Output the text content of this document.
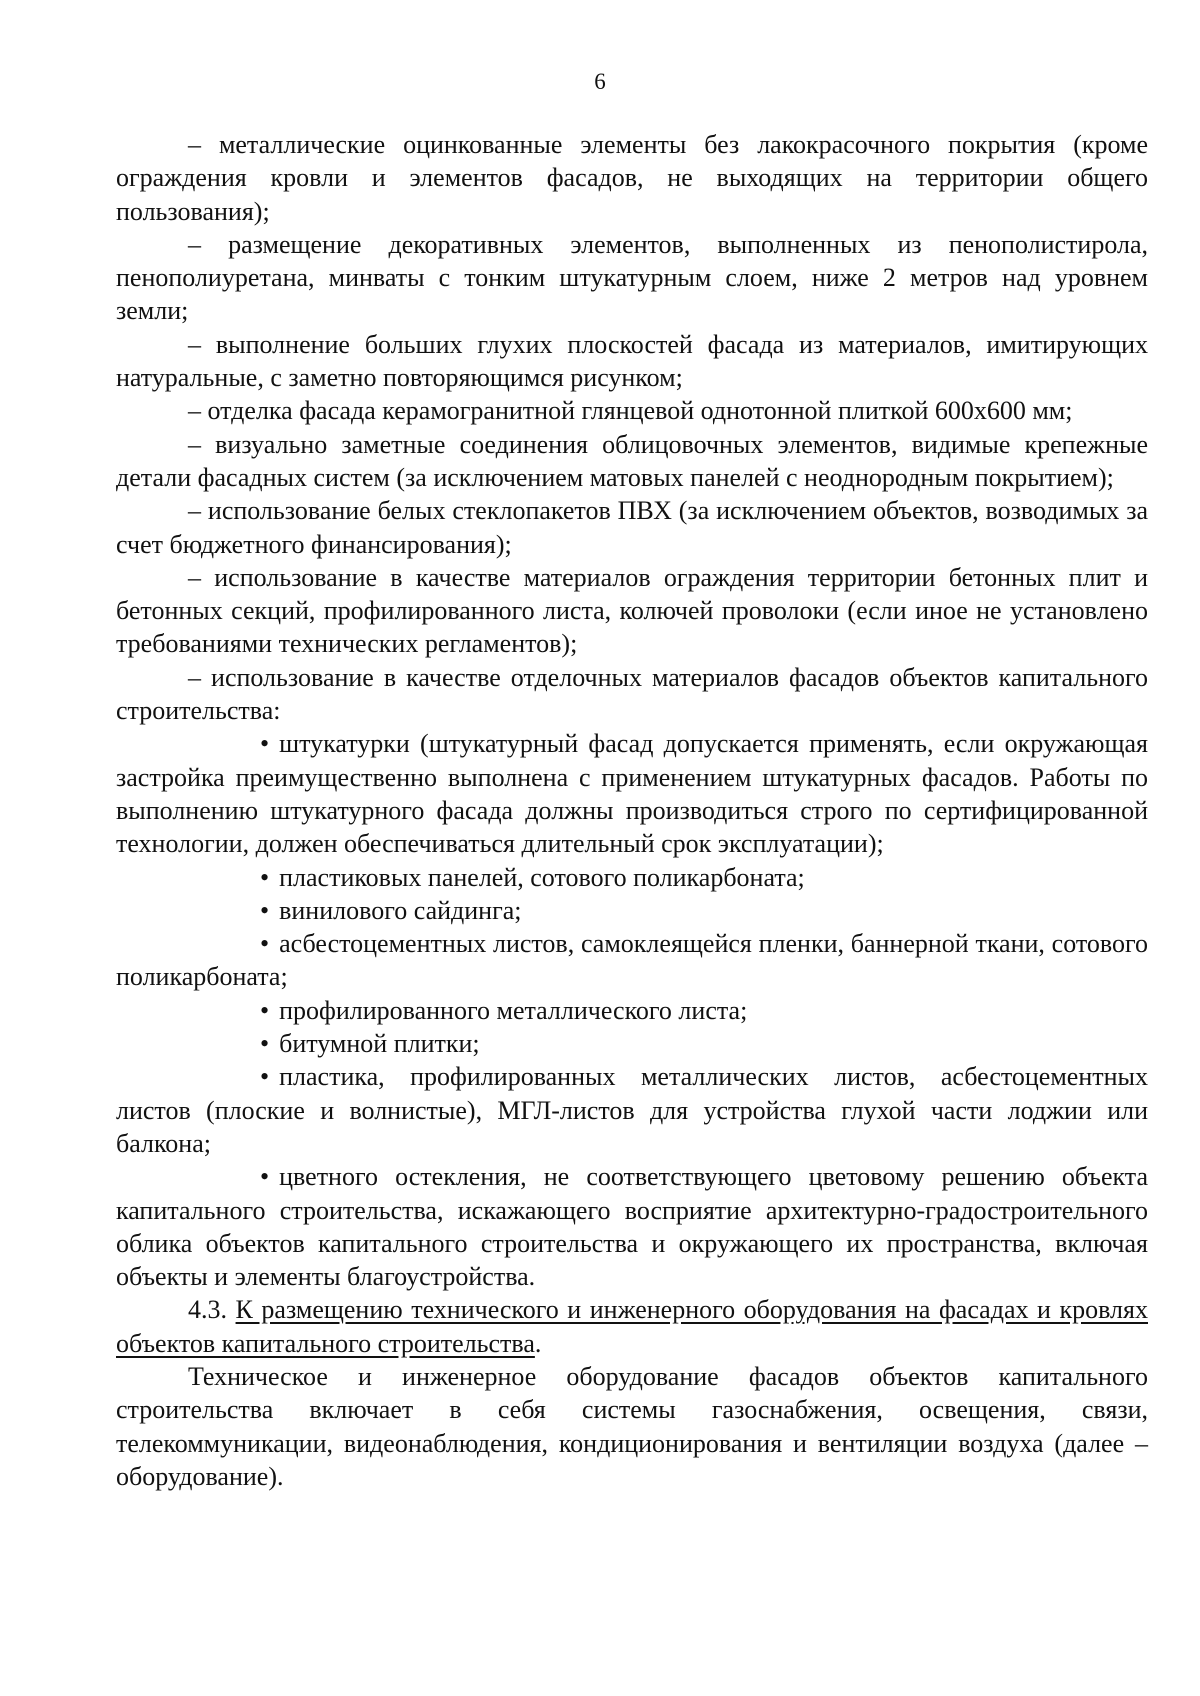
6

– металлические оцинкованные элементы без лакокрасочного покрытия (кроме ограждения кровли и элементов фасадов, не выходящих на территории общего пользования);

– размещение декоративных элементов, выполненных из пенополистирола, пенополиуретана, минваты с тонким штукатурным слоем, ниже 2 метров над уровнем земли;

– выполнение больших глухих плоскостей фасада из материалов, имитирующих натуральные, с заметно повторяющимся рисунком;

– отделка фасада керамогранитной глянцевой однотонной плиткой 600х600 мм;

– визуально заметные соединения облицовочных элементов, видимые крепежные детали фасадных систем (за исключением матовых панелей с неоднородным покрытием);

– использование белых стеклопакетов ПВХ (за исключением объектов, возводимых за счет бюджетного финансирования);

– использование в качестве материалов ограждения территории бетонных плит и бетонных секций, профилированного листа, колючей проволоки (если иное не установлено требованиями технических регламентов);

– использование в качестве отделочных материалов фасадов объектов капитального строительства:

• штукатурки (штукатурный фасад допускается применять, если окружающая застройка преимущественно выполнена с применением штукатурных фасадов. Работы по выполнению штукатурного фасада должны производиться строго по сертифицированной технологии, должен обеспечиваться длительный срок эксплуатации);

• пластиковых панелей, сотового поликарбоната;

• винилового сайдинга;

• асбестоцементных листов, самоклеящейся пленки, баннерной ткани, сотового поликарбоната;

• профилированного металлического листа;

• битумной плитки;

• пластика, профилированных металлических листов, асбестоцементных листов (плоские и волнистые), МГЛ-листов для устройства глухой части лоджии или балкона;

• цветного остекления, не соответствующего цветовому решению объекта капитального строительства, искажающего восприятие архитектурно-градостроительного облика объектов капитального строительства и окружающего их пространства, включая объекты и элементы благоустройства.

4.3. К размещению технического и инженерного оборудования на фасадах и кровлях объектов капитального строительства.

Техническое и инженерное оборудование фасадов объектов капитального строительства включает в себя системы газоснабжения, освещения, связи, телекоммуникации, видеонаблюдения, кондиционирования и вентиляции воздуха (далее – оборудование).
